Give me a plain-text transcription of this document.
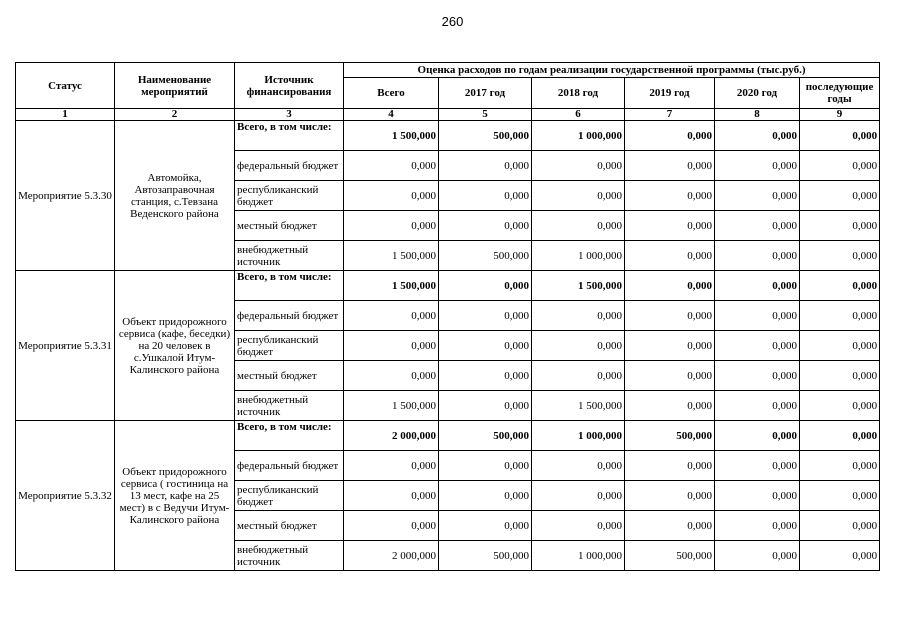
260
Статус	Наименование мероприятий	Источник финансирования	Оценка расходов по годам реализации государственной программы (тыс.руб.)					
			Всего	2017 год	2018 год	2019 год	2020 год	последующие годы
1	2	3	4	5	6	7	8	9
Мероприятие 5.3.30	Автомойка, Автозаправочная станция, с.Тевзана Веденского района	Всего, в том числе:	1 500,000	500,000	1 000,000	0,000	0,000	0,000
		федеральный бюджет	0,000	0,000	0,000	0,000	0,000	0,000
		республиканский бюджет	0,000	0,000	0,000	0,000	0,000	0,000
		местный бюджет	0,000	0,000	0,000	0,000	0,000	0,000
		внебюджетный источник	1 500,000	500,000	1 000,000	0,000	0,000	0,000
Мероприятие 5.3.31	Объект придорожного сервиса (кафе, беседки) на 20 человек в с.Ушкалой Итум-Калинского района	Всего, в том числе:	1 500,000	0,000	1 500,000	0,000	0,000	0,000
		федеральный бюджет	0,000	0,000	0,000	0,000	0,000	0,000
		республиканский бюджет	0,000	0,000	0,000	0,000	0,000	0,000
		местный бюджет	0,000	0,000	0,000	0,000	0,000	0,000
		внебюджетный источник	1 500,000	0,000	1 500,000	0,000	0,000	0,000
Мероприятие 5.3.32	Объект придорожного сервиса ( гостиница на 13 мест, кафе на 25 мест) в с Ведучи Итум-Калинского района	Всего, в том числе:	2 000,000	500,000	1 000,000	500,000	0,000	0,000
		федеральный бюджет	0,000	0,000	0,000	0,000	0,000	0,000
		республиканский бюджет	0,000	0,000	0,000	0,000	0,000	0,000
		местный бюджет	0,000	0,000	0,000	0,000	0,000	0,000
		внебюджетный источник	2 000,000	500,000	1 000,000	500,000	0,000	0,000
